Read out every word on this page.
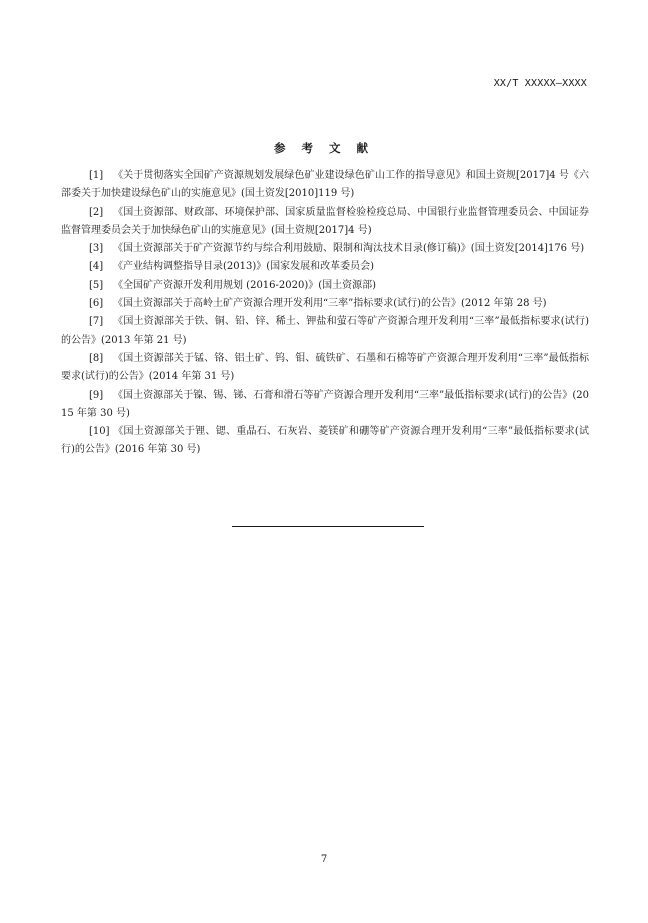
XX/T XXXXX—XXXX
参 考 文 献
[1] 《关于贯彻落实全国矿产资源规划发展绿色矿业建设绿色矿山工作的指导意见》和国土资规[2017]4 号《六部委关于加快建设绿色矿山的实施意见》(国土资发[2010]119 号)
[2] 《国土资源部、财政部、环境保护部、国家质量监督检验检疫总局、中国银行业监督管理委员会、中国证券监督管理委员会关于加快绿色矿山的实施意见》(国土资规[2017]4 号)
[3] 《国土资源部关于矿产资源节约与综合利用鼓励、限制和淘汰技术目录(修订稿)》(国土资发[2014]176 号)
[4] 《产业结构调整指导目录(2013)》(国家发展和改革委员会)
[5] 《全国矿产资源开发利用规划 (2016-2020)》(国土资源部)
[6] 《国土资源部关于高岭土矿产资源合理开发利用“三率”指标要求(试行)的公告》(2012 年第 28 号)
[7] 《国土资源部关于铁、铜、铅、锌、稀土、钾盐和萤石等矿产资源合理开发利用“三率”最低指标要求(试行)的公告》(2013 年第 21 号)
[8] 《国土资源部关于锰、铬、铝土矿、钨、钼、硫铁矿、石墨和石棉等矿产资源合理开发利用“三率”最低指标要求(试行)的公告》(2014 年第 31 号)
[9] 《国土资源部关于镍、锡、锑、石膏和滑石等矿产资源合理开发利用“三率”最低指标要求(试行)的公告》(2015 年第 30 号)
[10] 《国土资源部关于锂、锶、重晶石、石灰岩、菱镁矿和硼等矿产资源合理开发利用“三率”最低指标要求(试行)的公告》(2016 年第 30 号)
7
